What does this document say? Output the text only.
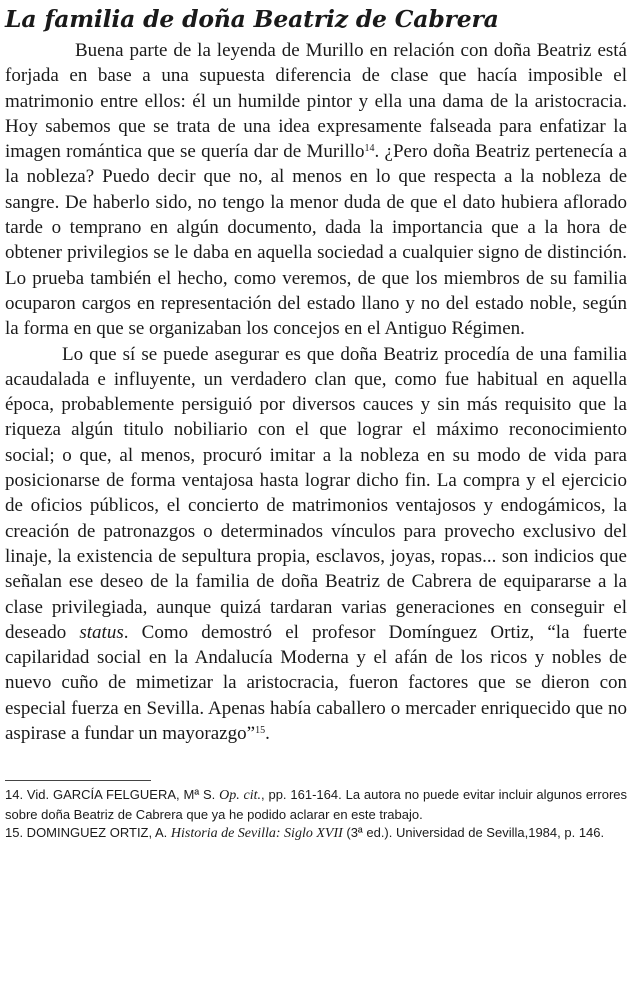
La familia de doña Beatriz de Cabrera

Buena parte de la leyenda de Murillo en relación con doña Beatriz está forjada en base a una supuesta diferencia de clase que hacía imposible el matrimonio entre ellos: él un humilde pintor y ella una dama de la aristocracia. Hoy sabemos que se trata de una idea expresamente falseada para enfatizar la imagen romántica que se quería dar de Murillo$^{14}$. ¿Pero doña Beatriz pertenecía a la nobleza? Puedo decir que no, al menos en lo que respecta a la nobleza de sangre. De haberlo sido, no tengo la menor duda de que el dato hubiera aflorado tarde o temprano en algún documento, dada la importancia que a la hora de obtener privilegios se le daba en aquella sociedad a cualquier signo de distinción. Lo prueba también el hecho, como veremos, de que los miembros de su familia ocuparon cargos en representación del estado llano y no del estado noble, según la forma en que se organizaban los concejos en el Antiguo Régimen.

Lo que sí se puede asegurar es que doña Beatriz procedía de una familia acaudalada e influyente, un verdadero clan que, como fue habitual en aquella época, probablemente persiguió por diversos cauces y sin más requisito que la riqueza algún titulo nobiliario con el que lograr el máximo reconocimiento social; o que, al menos, procuró imitar a la nobleza en su modo de vida para posicionarse de forma ventajosa hasta lograr dicho fin. La compra y el ejercicio de oficios públicos, el concierto de matrimonios ventajosos y endogámicos, la creación de patronazgos o determinados vínculos para provecho exclusivo del linaje, la existencia de sepultura propia, esclavos, joyas, ropas... son indicios que señalan ese deseo de la familia de doña Beatriz de Cabrera de equipararse a la clase privilegiada, aunque quizá tardaran varias generaciones en conseguir el deseado status. Como demostró el profesor Domínguez Ortiz, “la fuerte capilaridad social en la Andalucía Moderna y el afán de los ricos y nobles de nuevo cuño de mimetizar la aristocracia, fueron factores que se dieron con especial fuerza en Sevilla. Apenas había caballero o mercader enriquecido que no aspirase a fundar un mayorazgo”$^{15}$.

14. Vid. GARCÍA FELGUERA, Mª S. Op. cit., pp. 161-164. La autora no puede evitar incluir algunos errores sobre doña Beatriz de Cabrera que ya he podido aclarar en este trabajo.

15. DOMINGUEZ ORTIZ, A. Historia de Sevilla: Siglo XVII (3ª ed.). Universidad de Sevilla,1984, p. 146.
